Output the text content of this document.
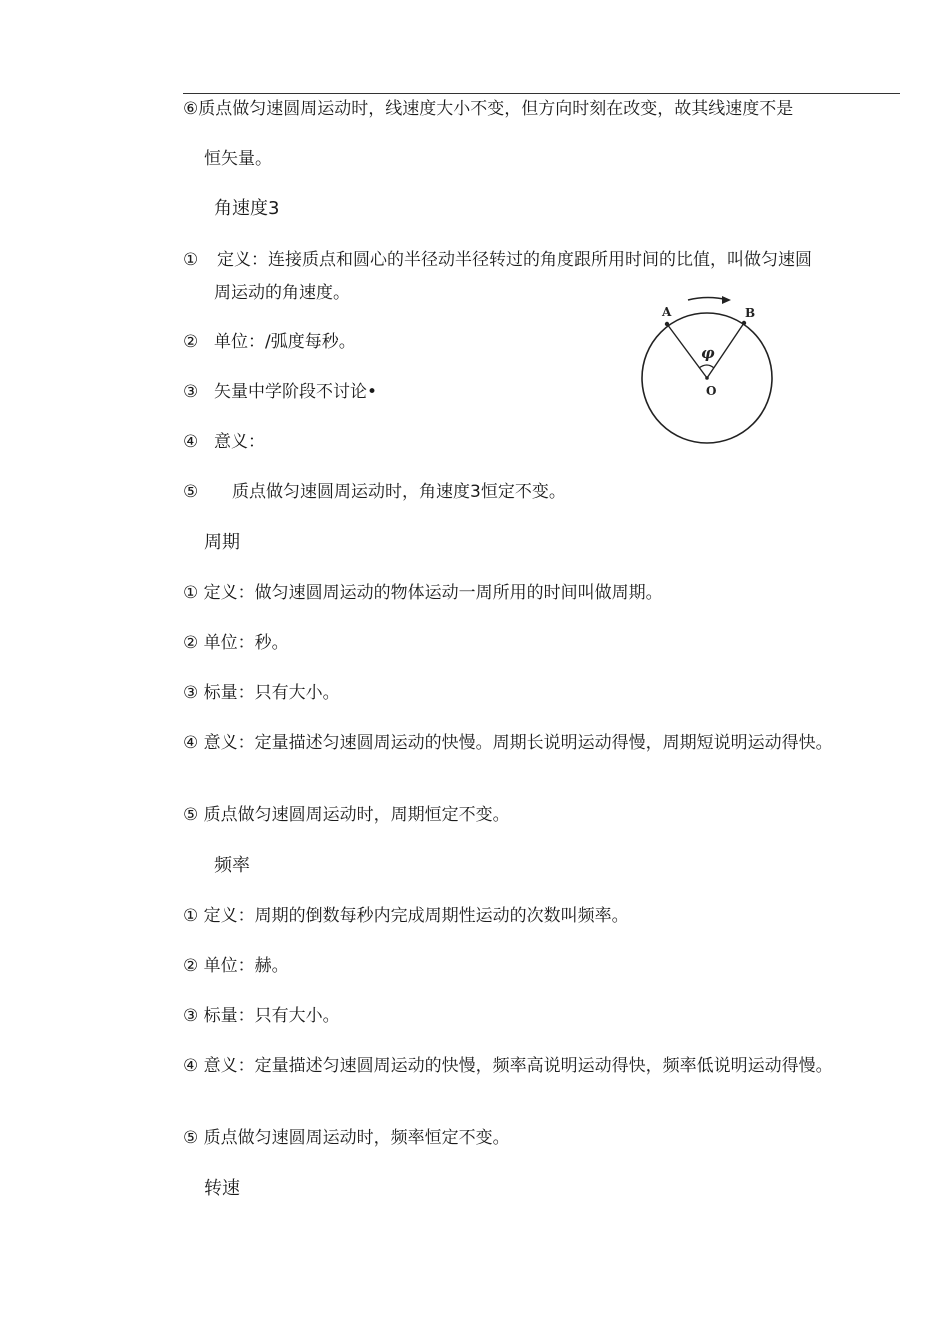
⑥质点做匀速圆周运动时，线速度大小不变，但方向时刻在改变，故其线速度不是
恒矢量。
角速度3
① 定义：连接质点和圆心的半径动半径转过的角度跟所用时间的比值，叫做匀速圆
周运动的角速度。
② 单位：/弧度每秒。
③ 矢量中学阶段不讨论•
④ 意义：
⑤ 质点做匀速圆周运动时，角速度3恒定不变。
A	B
O
φ
周期
① 定义：做匀速圆周运动的物体运动一周所用的时间叫做周期。
② 单位：秒。
③ 标量：只有大小。
④ 意义：定量描述匀速圆周运动的快慢。周期长说明运动得慢，周期短说明运动得快。
⑤ 质点做匀速圆周运动时，周期恒定不变。
频率
① 定义：周期的倒数每秒内完成周期性运动的次数叫频率。
② 单位：赫。
③ 标量：只有大小。
④ 意义：定量描述匀速圆周运动的快慢，频率高说明运动得快，频率低说明运动得慢。
⑤ 质点做匀速圆周运动时，频率恒定不变。
转速
